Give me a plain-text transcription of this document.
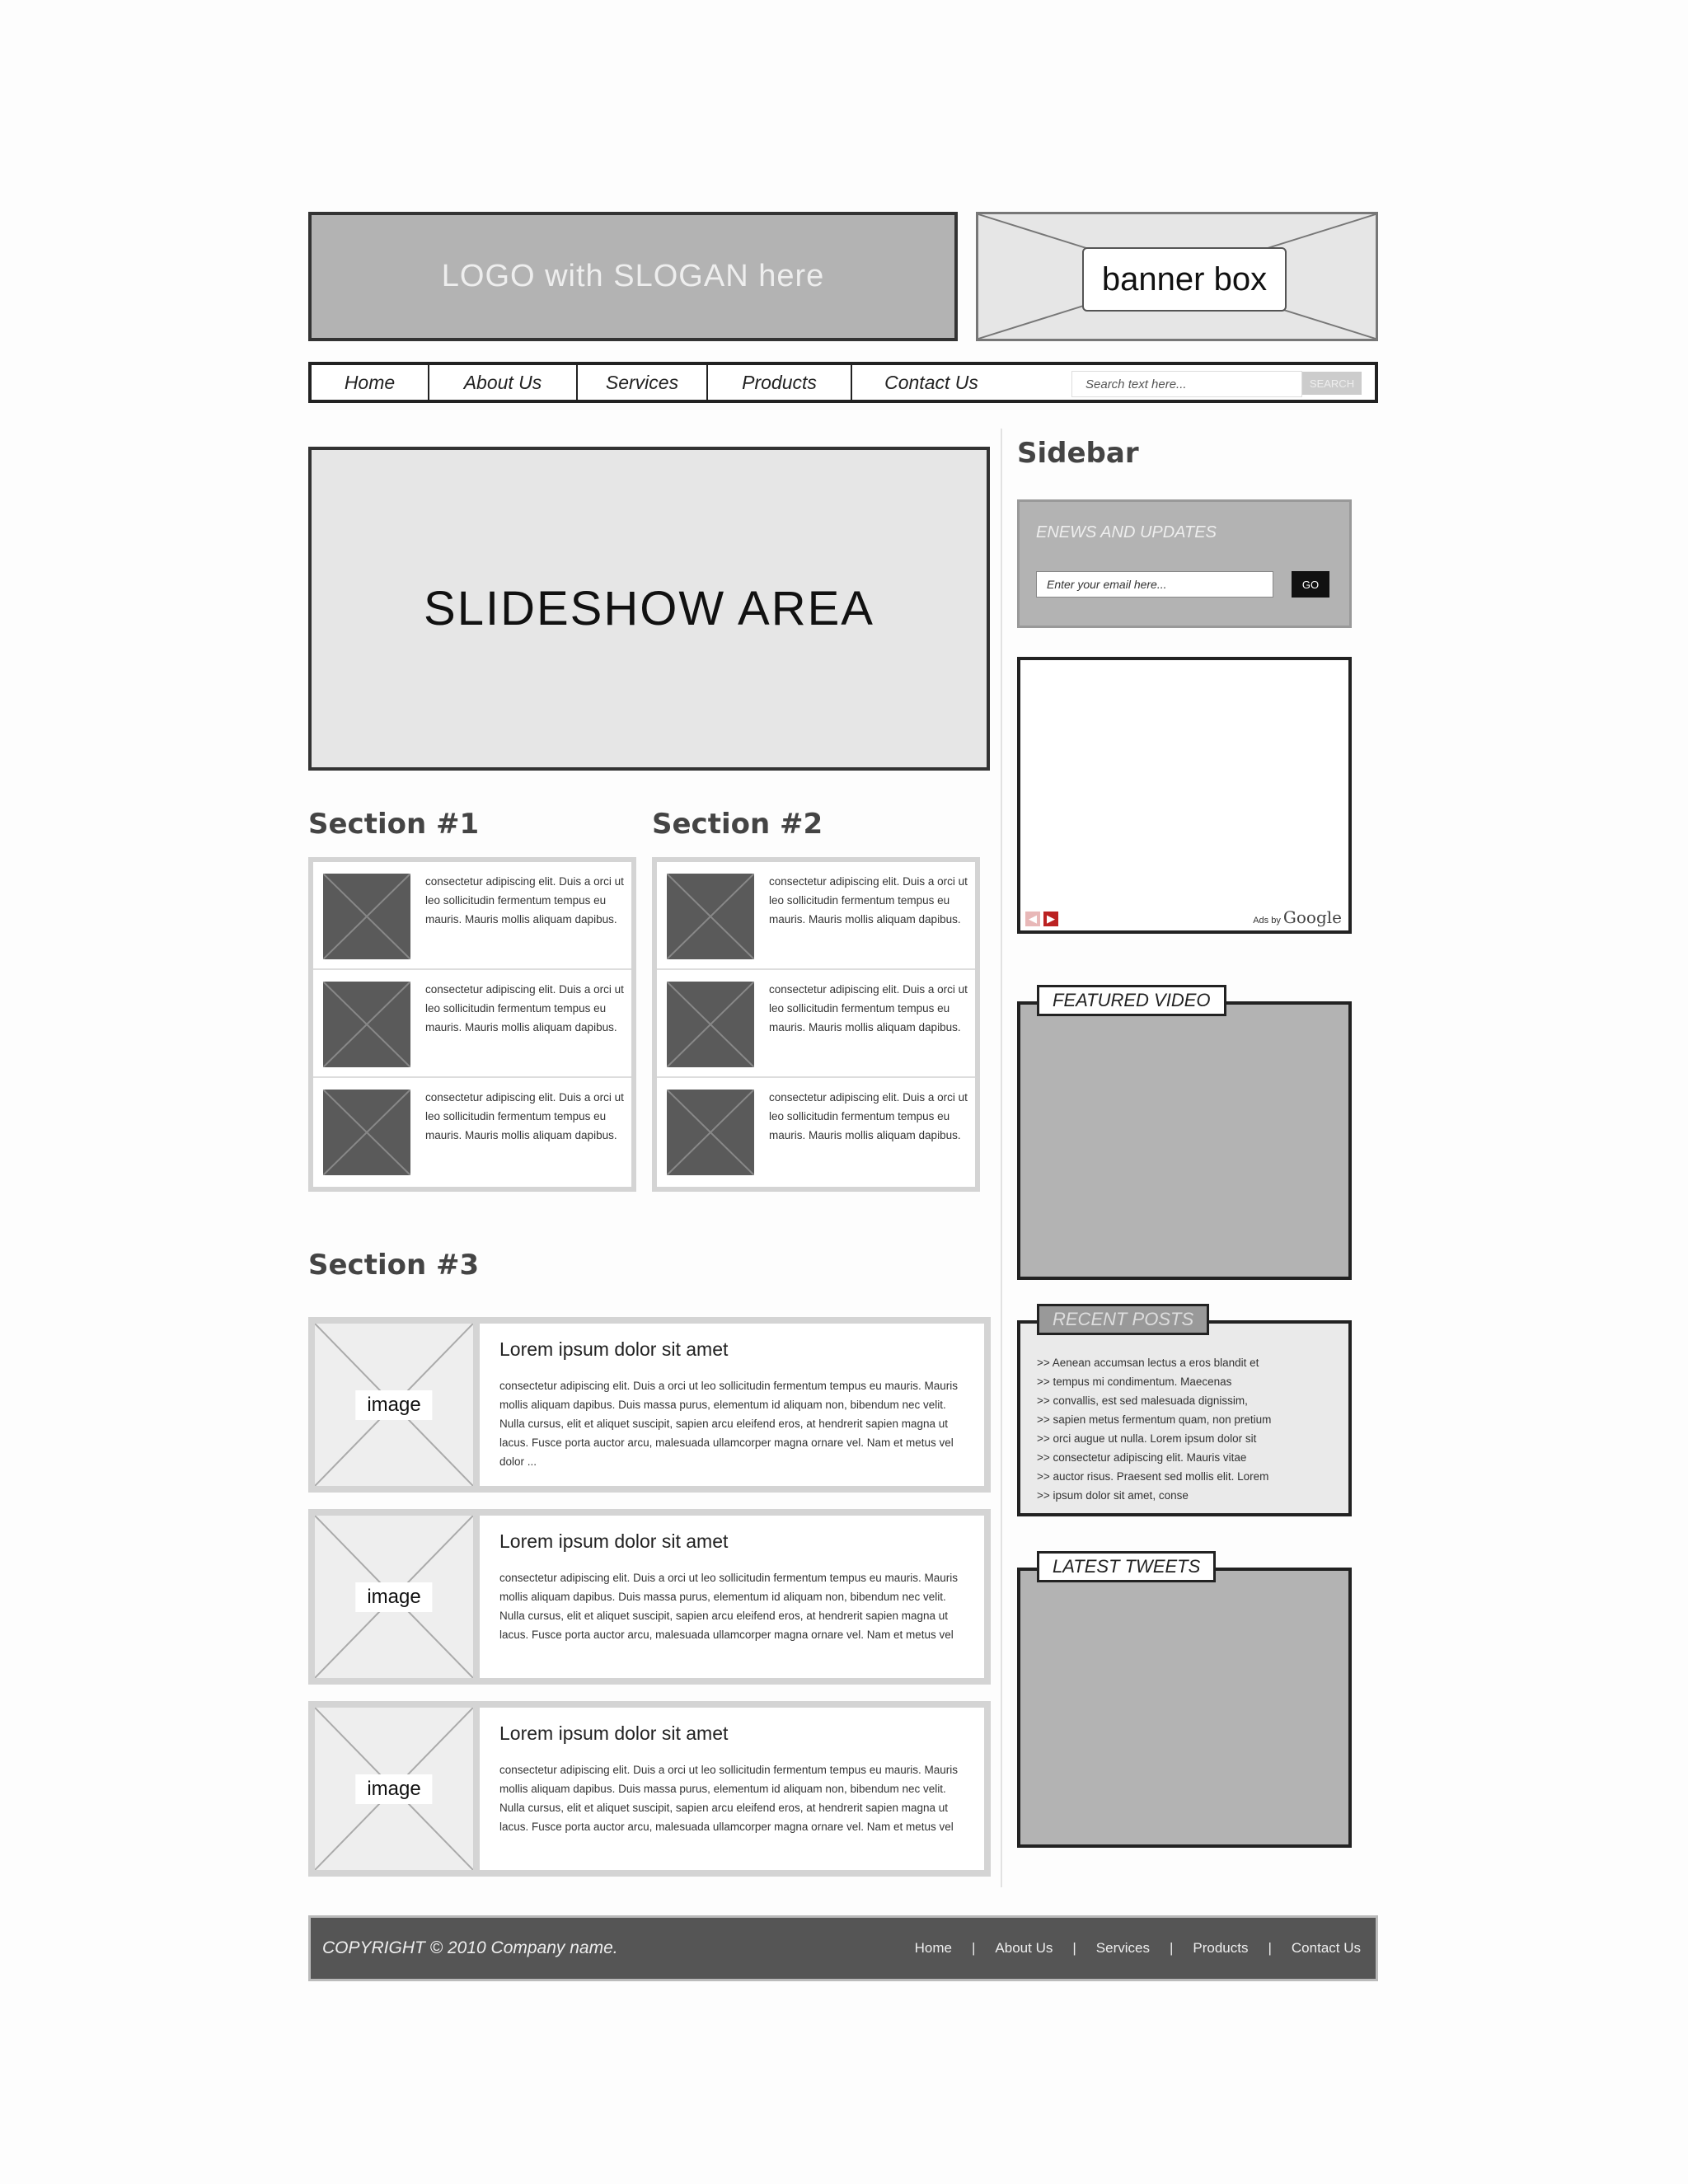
LOGO with SLOGAN here	banner box
Home	About Us	Services	Products	Contact Us	Search text here...	SEARCH
SLIDESHOW AREA
Section #1	Section #2
consectetur adipiscing elit. Duis a orci ut leo sollicitudin fermentum tempus eu mauris. Mauris mollis aliquam dapibus.
consectetur adipiscing elit. Duis a orci ut leo sollicitudin fermentum tempus eu mauris. Mauris mollis aliquam dapibus.
consectetur adipiscing elit. Duis a orci ut leo sollicitudin fermentum tempus eu mauris. Mauris mollis aliquam dapibus.
consectetur adipiscing elit. Duis a orci ut leo sollicitudin fermentum tempus eu mauris. Mauris mollis aliquam dapibus.
consectetur adipiscing elit. Duis a orci ut leo sollicitudin fermentum tempus eu mauris. Mauris mollis aliquam dapibus.
consectetur adipiscing elit. Duis a orci ut leo sollicitudin fermentum tempus eu mauris. Mauris mollis aliquam dapibus.
Section #3
image
Lorem ipsum dolor sit amet
consectetur adipiscing elit. Duis a orci ut leo sollicitudin fermentum tempus eu mauris. Mauris mollis aliquam dapibus. Duis massa purus, elementum id aliquam non, bibendum nec velit. Nulla cursus, elit et aliquet suscipit, sapien arcu eleifend eros, at hendrerit sapien magna ut lacus. Fusce porta auctor arcu, malesuada ullamcorper magna ornare vel. Nam et metus vel dolor ...
image
Lorem ipsum dolor sit amet
consectetur adipiscing elit. Duis a orci ut leo sollicitudin fermentum tempus eu mauris. Mauris mollis aliquam dapibus. Duis massa purus, elementum id aliquam non, bibendum nec velit. Nulla cursus, elit et aliquet suscipit, sapien arcu eleifend eros, at hendrerit sapien magna ut lacus. Fusce porta auctor arcu, malesuada ullamcorper magna ornare vel. Nam et metus vel
image
Lorem ipsum dolor sit amet
consectetur adipiscing elit. Duis a orci ut leo sollicitudin fermentum tempus eu mauris. Mauris mollis aliquam dapibus. Duis massa purus, elementum id aliquam non, bibendum nec velit. Nulla cursus, elit et aliquet suscipit, sapien arcu eleifend eros, at hendrerit sapien magna ut lacus. Fusce porta auctor arcu, malesuada ullamcorper magna ornare vel. Nam et metus vel
Sidebar
ENEWS AND UPDATES
Enter your email here...	GO
◀ ▶	Ads by Google
FEATURED VIDEO
RECENT POSTS
>> Aenean accumsan lectus a eros blandit et
>> tempus mi condimentum. Maecenas
>> convallis, est sed malesuada dignissim,
>> sapien metus fermentum quam, non pretium
>> orci augue ut nulla. Lorem ipsum dolor sit
>> consectetur adipiscing elit. Mauris vitae
>> auctor risus. Praesent sed mollis elit. Lorem
>> ipsum dolor sit amet, conse
LATEST TWEETS
COPYRIGHT © 2010 Company name.	Home | About Us | Services | Products | Contact Us
